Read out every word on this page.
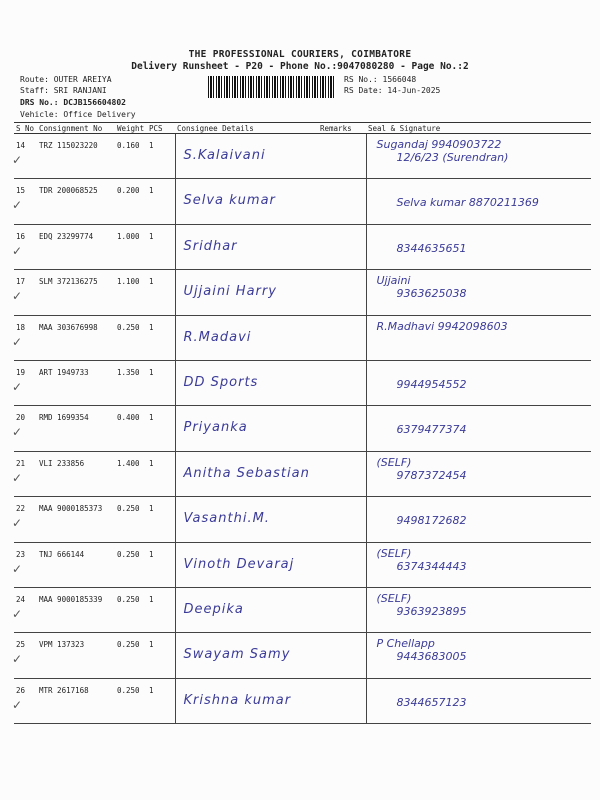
THE PROFESSIONAL COURIERS, COIMBATORE
Delivery Runsheet - P20 - Phone No.:9047080280 - Page No.:2
Route: OUTER AREIYA
Staff: SRI RANJANI
DRS No.: DCJB156604802
Vehicle: Office Delivery
RS No.: 1566048
RS Date: 14-Jun-2025
S No	Consignment No	Weight	PCS	Consignee Details	Remarks	Seal & Signature
14
✓	TRZ 115023220	0.160	1	S.Kalaivani		Sugandaj 9940903722
12/6/23 (Surendran)

15
✓	TDR 200068525	0.200	1	Selva kumar		Selva kumar 8870211369

16
✓	EDQ 23299774	1.000	1	Sridhar		8344635651

17
✓	SLM 372136275	1.100	1	Ujjaini Harry		Ujjaini
9363625038

18
✓	MAA 303676998	0.250	1	R.Madavi		R.Madhavi 9942098603

19
✓	ART 1949733	1.350	1	DD Sports		9944954552

20
✓	RMD 1699354	0.400	1	Priyanka		6379477374

21
✓	VLI 233856	1.400	1	Anitha Sebastian		(SELF)
9787372454

22
✓	MAA 9000185373	0.250	1	Vasanthi.M.		9498172682

23
✓	TNJ 666144	0.250	1	Vinoth Devaraj		(SELF)
6374344443

24
✓	MAA 9000185339	0.250	1	Deepika		(SELF)
9363923895

25
✓	VPM 137323	0.250	1	Swayam Samy		P Chellapp
9443683005

26
✓	MTR 2617168	0.250	1	Krishna kumar		8344657123
